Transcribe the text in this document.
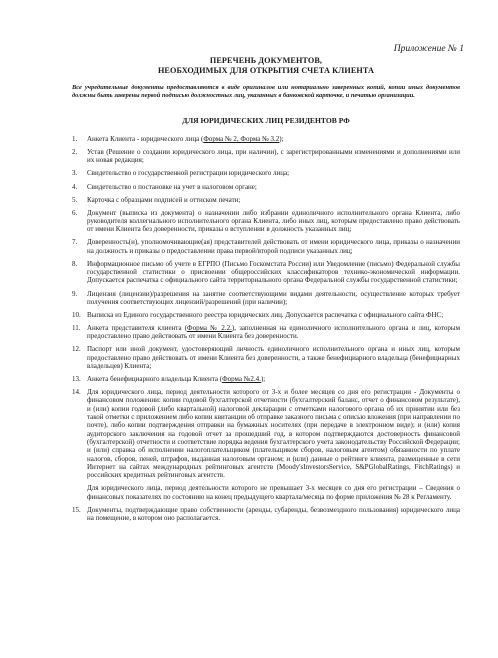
Приложение № 1
ПЕРЕЧЕНЬ ДОКУМЕНТОВ,
НЕОБХОДИМЫХ ДЛЯ ОТКРЫТИЯ СЧЕТА КЛИЕНТА
Все учредительные документы предоставляются в виде оригиналов или нотариально заверенных копий, копии иных документов должны быть заверены первой подписью должностных лиц, указанных в банковской карточке, и печатью организации.
ДЛЯ ЮРИДИЧЕСКИХ ЛИЦ РЕЗИДЕНТОВ РФ
1.	Анкета Клиента - юридического лица (Форма № 2, Форма № 3.2);
2.	Устав (Решение о создании юридического лица, при наличии), с зарегистрированными изменениями и дополнениями или их новая редакция;
3.	Свидетельство о государственной регистрации юридического лица;
4.	Свидетельство о постановке на учет в налоговом органе;
5.	Карточка с образцами подписей и оттиском печати;
6.	Документ (выписка из документа) о назначении либо избрании единоличного исполнительного органа Клиента, либо руководителя коллегиального исполнительного органа Клиента, либо иных лиц, которым предоставлено право действовать от имени Клиента без доверенности, приказы о вступлении в должность указанных лиц;
7.	Доверенность(и), уполномочивающие(ая) представителей действовать от имени юридического лица, приказы о назначении на должность и приказы о предоставлении права первой/второй подписи указанных лиц;
8.	Информационное письмо об учете в ЕГРПО (Письмо Госкомстата России) или Уведомление (письмо) Федеральной службы государственной статистики о присвоении общероссийских классификаторов технико-экономической информации. Допускается распечатка с официального сайта территориального органа Федеральной службы государственной статистики;
9.	Лицензия (лицензии)/разрешения на занятие соответствующими видами деятельности, осуществление которых требует получения соответствующих лицензий/разрешений (при наличии);
10. Выписка из Единого государственного реестра юридических лиц. Допускается распечатка с официального сайта ФНС;
11. Анкета представителя клиента (Форма № 2.2.), заполненная на единоличного исполнительного органа и лиц, которым предоставлено право действовать от имени Клиента без доверенности.
12. Паспорт или иной документ, удостоверяющий личность единоличного исполнительного органа и иных лиц, которым предоставлено право действовать от имени Клиента без доверенности, а также бенефициарного владельца (бенефициарных владельцев) Клиента;
13. Анкета бенефициарного владельца Клиента (Форма №2.4.);
14. Для юридического лица, период деятельности которого от 3-х и более месяцев со дня его регистрации - Документы о финансовом положении: копии годовой бухгалтерской отчетности (бухгалтерский баланс, отчет о финансовом результате), и (или) копии годовой (либо квартальной) налоговой декларации с отметками налогового органа об их принятии или без такой отметки с приложением либо копии квитанции об отправке заказного письма с описью вложения (при направлении по почте), либо копии подтверждения отправки на бумажных носителях (при передаче в электронном виде); и (или) копия аудиторского заключения на годовой отчет за прошедший год, в котором подтверждаются достоверность финансовой (бухгалтерской) отчетности и соответствие порядка ведения бухгалтерского учета законодательству Российской Федерации; и (или) справка об исполнении налогоплательщиком (плательщиком сборов, налоговым агентом) обязанности по уплате налогов, сборов, пеней, штрафов, выданная налоговым органом; и (или) данные о рейтинге клиента, размещенные в сети Интернет на сайтах международных рейтинговых агентств (Moody'sInvestorsService, S&PGlobalRatings, FitchRatings) и российских кредитных рейтинговых агентств.
Для юридического лица, период деятельности которого не превышает 3-х месяцев со дня его регистрации – Сведения о финансовых показателях по состоянию на конец предыдущего квартала/месяца по форме приложения № 28 к Регламенту.
15. Документы, подтверждающие право собственности (аренды, субаренды, безвозмездного пользования) юридического лица на помещение, в котором оно располагается.
